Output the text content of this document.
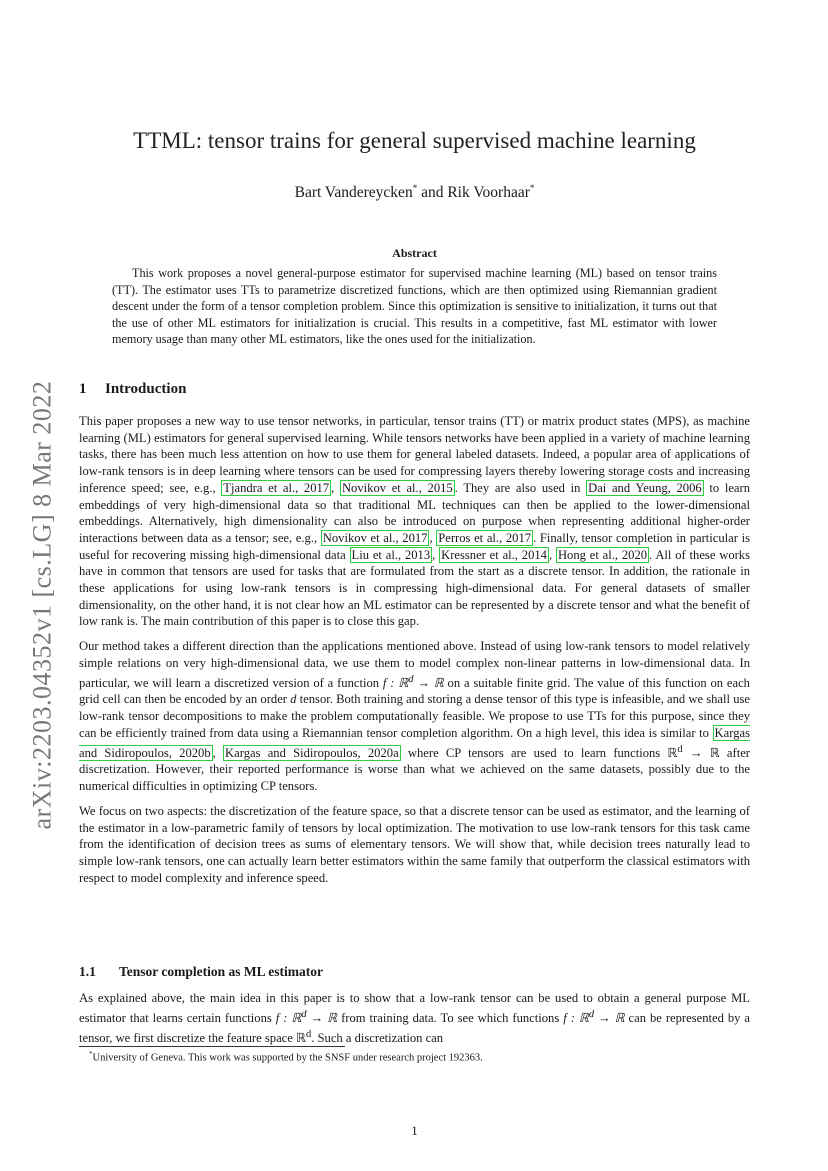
arXiv:2203.04352v1 [cs.LG] 8 Mar 2022
TTML: tensor trains for general supervised machine learning
Bart Vandereycken* and Rik Voorhaar*
Abstract

This work proposes a novel general-purpose estimator for supervised machine learning (ML) based on tensor trains (TT). The estimator uses TTs to parametrize discretized functions, which are then optimized using Riemannian gradient descent under the form of a tensor completion problem. Since this optimization is sensitive to initialization, it turns out that the use of other ML estimators for initialization is crucial. This results in a competitive, fast ML estimator with lower memory usage than many other ML estimators, like the ones used for the initialization.

1 Introduction

This paper proposes a new way to use tensor networks, in particular, tensor trains (TT) or matrix product states (MPS), as machine learning (ML) estimators for general supervised learning. While tensors networks have been applied in a variety of machine learning tasks, there has been much less attention on how to use them for general labeled datasets. Indeed, a popular area of applications of low-rank tensors is in deep learning where tensors can be used for compressing layers thereby lowering storage costs and increasing inference speed; see, e.g., Tjandra et al., 2017 , Novikov et al., 2015 . They are also used in Dai and Yeung, 2006 to learn embeddings of very high-dimensional data so that traditional ML techniques can then be applied to the lower-dimensional embeddings. Alternatively, high dimensionality can also be introduced on purpose when representing additional higher-order interactions between data as a tensor; see, e.g., Novikov et al., 2017 , Perros et al., 2017 . Finally, tensor completion in particular is useful for recovering missing high-dimensional data Liu et al., 2013 , Kressner et al., 2014 , Hong et al., 2020 . All of these works have in common that tensors are used for tasks that are formulated from the start as a discrete tensor. In addition, the rationale in these applications for using low-rank tensors is in compressing high-dimensional data. For general datasets of smaller dimensionality, on the other hand, it is not clear how an ML estimator can be represented by a discrete tensor and what the benefit of low rank is. The main contribution of this paper is to close this gap.

Our method takes a different direction than the applications mentioned above. Instead of using low-rank tensors to model relatively simple relations on very high-dimensional data, we use them to model complex non-linear patterns in low-dimensional data. In particular, we will learn a discretized version of a function f : ℝ$^d$ → ℝ on a suitable finite grid. The value of this function on each grid cell can then be encoded by an order d tensor. Both training and storing a dense tensor of this type is infeasible, and we shall use low-rank tensor decompositions to make the problem computationally feasible. We propose to use TTs for this purpose, since they can be efficiently trained from data using a Riemannian tensor completion algorithm. On a high level, this idea is similar to Kargas and Sidiropoulos, 2020b , Kargas and Sidiropoulos, 2020a where CP tensors are used to learn functions ℝ$^d$ → ℝ after discretization. However, their reported performance is worse than what we achieved on the same datasets, possibly due to the numerical difficulties in optimizing CP tensors.

We focus on two aspects: the discretization of the feature space, so that a discrete tensor can be used as estimator, and the learning of the estimator in a low-parametric family of tensors by local optimization. The motivation to use low-rank tensors for this task came from the identification of decision trees as sums of elementary tensors. We will show that, while decision trees naturally lead to simple low-rank tensors, one can actually learn better estimators within the same family that outperform the classical estimators with respect to model complexity and inference speed.

1.1 Tensor completion as ML estimator

As explained above, the main idea in this paper is to show that a low-rank tensor can be used to obtain a general purpose ML estimator that learns certain functions f : ℝ$^d$ → ℝ from training data. To see which functions f : ℝ$^d$ → ℝ can be represented by a tensor, we first discretize the feature space ℝ$^d$. Such a discretization can

*University of Geneva. This work was supported by the SNSF under research project 192363.
1
